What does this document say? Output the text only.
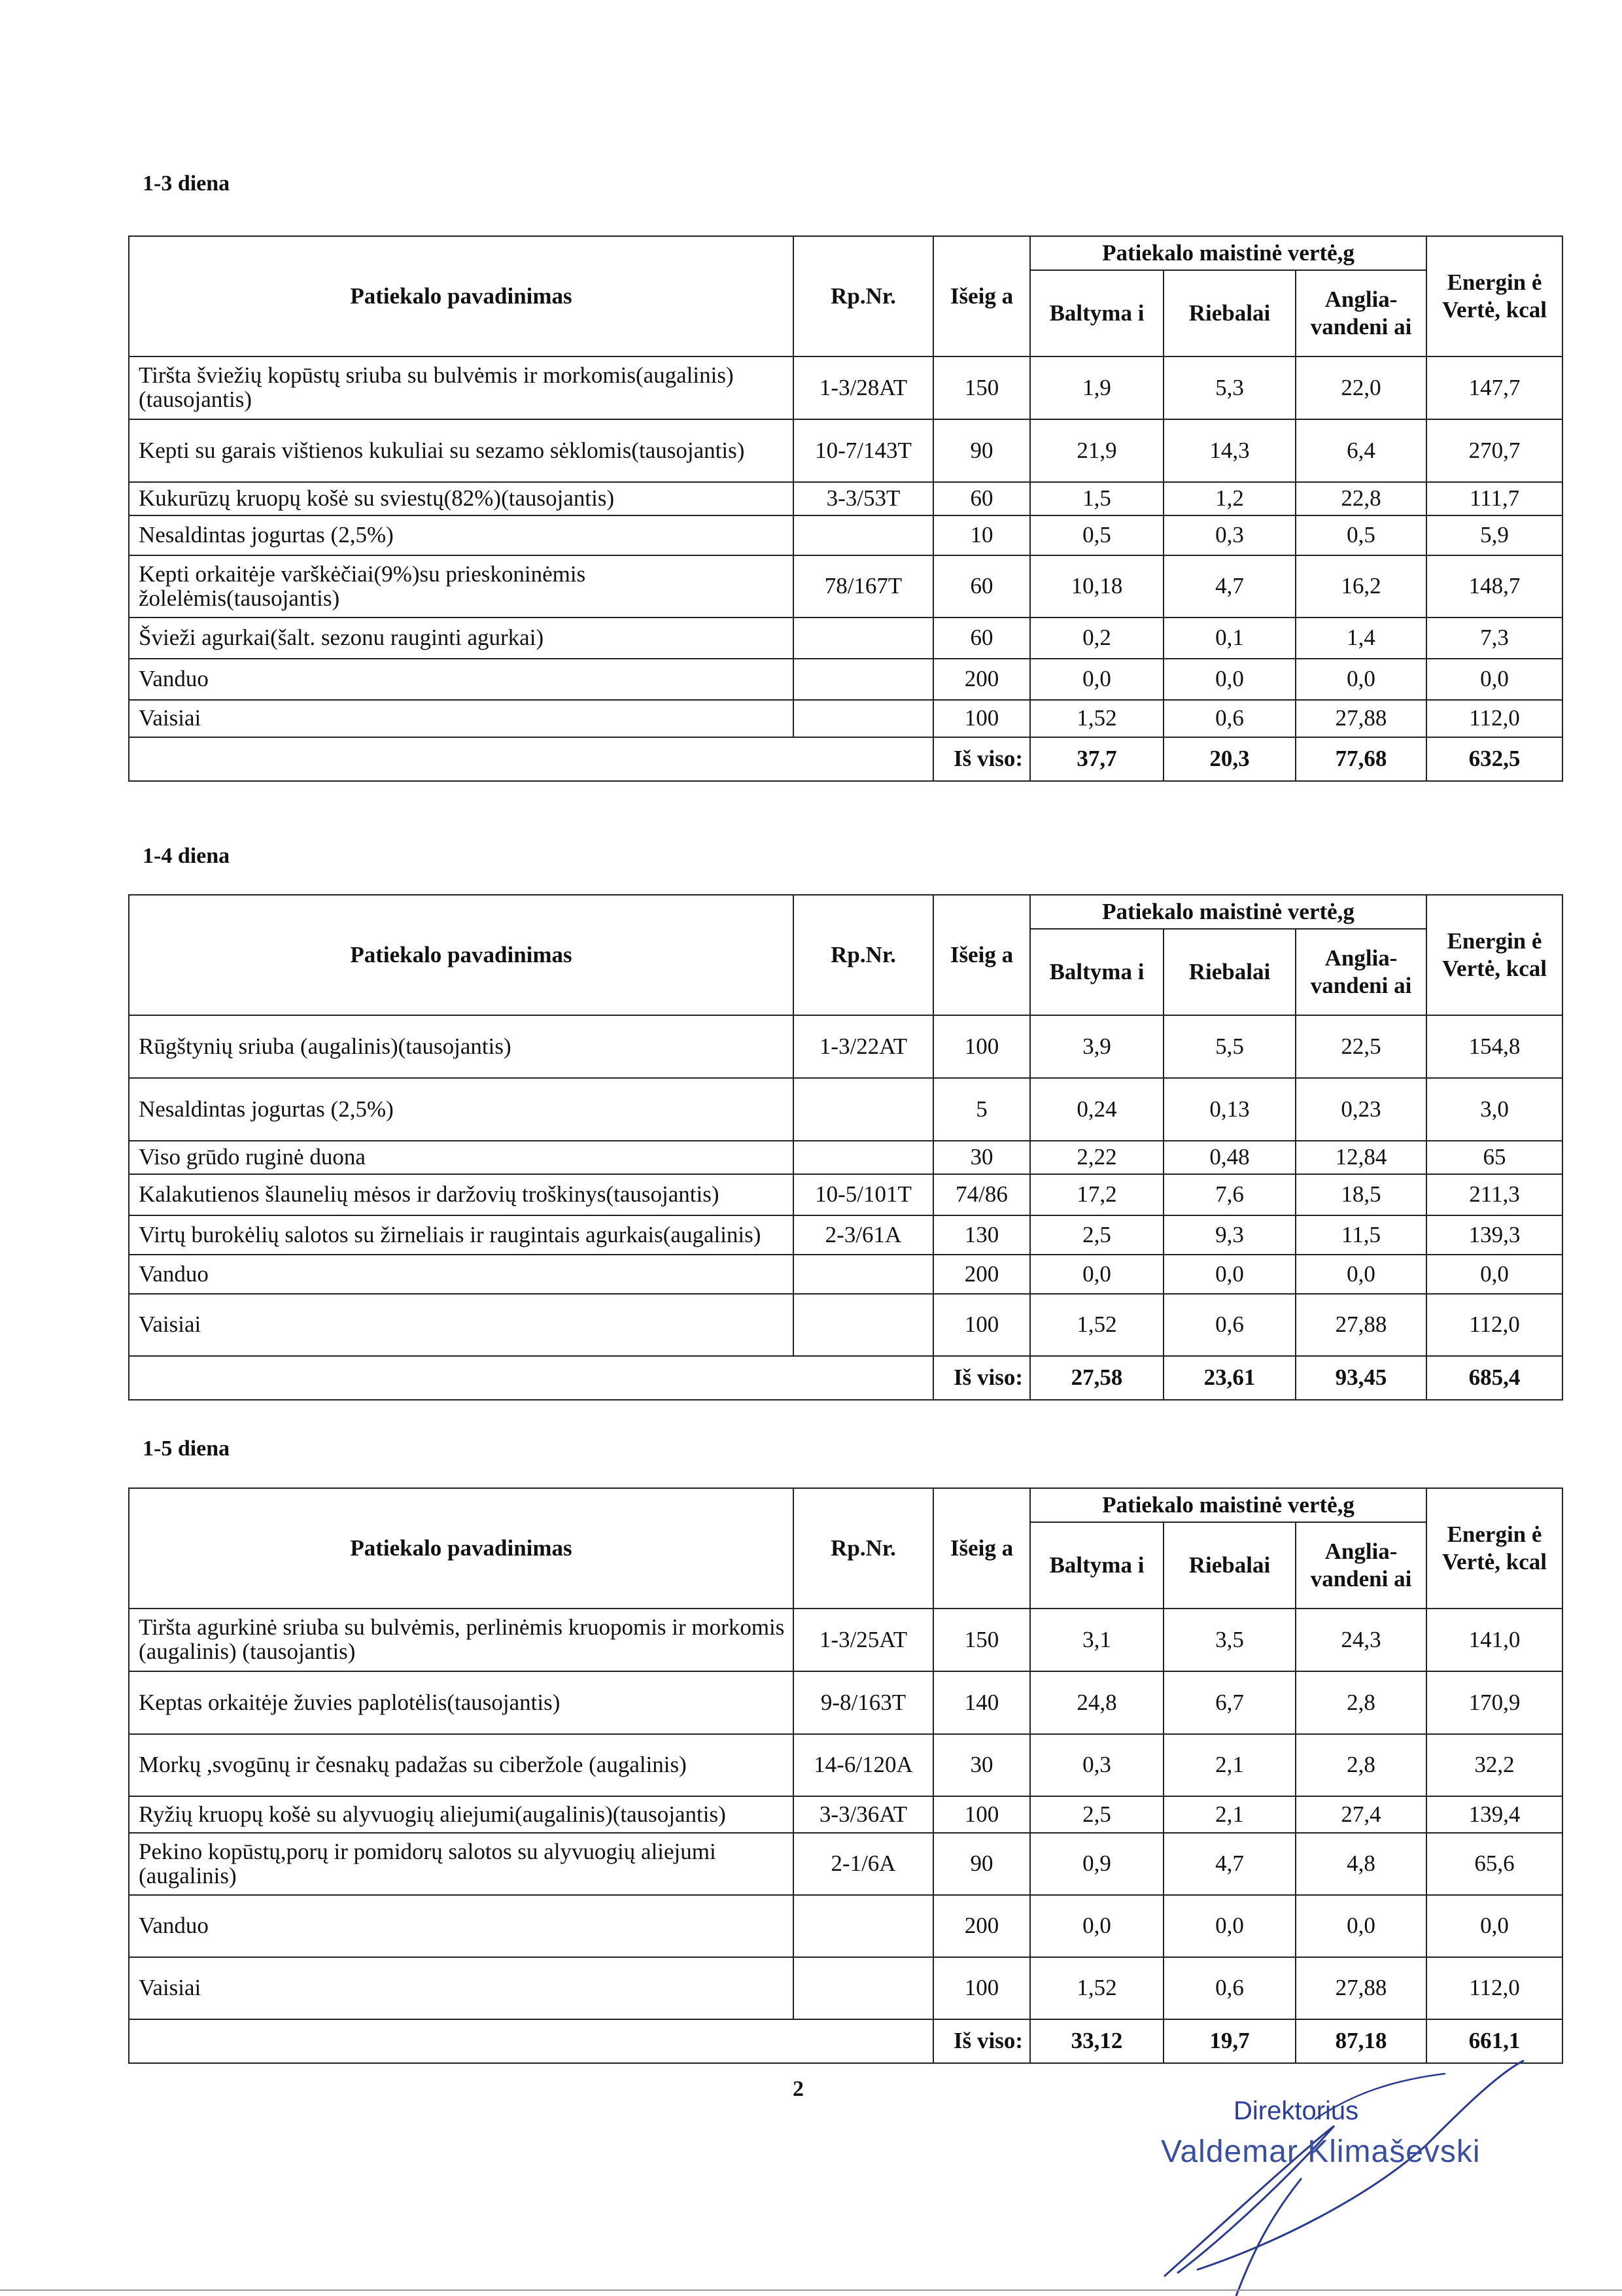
1-3 diena
Patiekalo pavadinimas	Rp.Nr.	Išeig a	Patiekalo maistinė vertė,g			Energin ė Vertė, kcal
			Baltyma i	Riebalai	Anglia- vandeni ai	
Tiršta šviežių kopūstų sriuba su bulvėmis ir morkomis(augalinis)(tausojantis)	1-3/28AT	150	1,9	5,3	22,0	147,7
Kepti su garais vištienos kukuliai su sezamo sėklomis(tausojantis)	10-7/143T	90	21,9	14,3	6,4	270,7
Kukurūzų kruopų košė su sviestų(82%)(tausojantis)	3-3/53T	60	1,5	1,2	22,8	111,7
Nesaldintas jogurtas (2,5%)		10	0,5	0,3	0,5	5,9
Kepti orkaitėje varškėčiai(9%)su prieskoninėmis žolelėmis(tausojantis)	78/167T	60	10,18	4,7	16,2	148,7
Švieži agurkai(šalt. sezonu rauginti agurkai)		60	0,2	0,1	1,4	7,3
Vanduo		200	0,0	0,0	0,0	0,0
Vaisiai		100	1,52	0,6	27,88	112,0
		Iš viso:	37,7	20,3	77,68	632,5
1-4 diena
Patiekalo pavadinimas	Rp.Nr.	Išeig a	Patiekalo maistinė vertė,g			Energin ė Vertė, kcal
			Baltyma i	Riebalai	Anglia- vandeni ai	
Rūgštynių sriuba (augalinis)(tausojantis)	1-3/22AT	100	3,9	5,5	22,5	154,8
Nesaldintas jogurtas (2,5%)		5	0,24	0,13	0,23	3,0
Viso grūdo ruginė duona		30	2,22	0,48	12,84	65
Kalakutienos šlaunelių mėsos ir daržovių troškinys(tausojantis)	10-5/101T	74/86	17,2	7,6	18,5	211,3
Virtų burokėlių salotos su žirneliais ir raugintais agurkais(augalinis)	2-3/61A	130	2,5	9,3	11,5	139,3
Vanduo		200	0,0	0,0	0,0	0,0
Vaisiai		100	1,52	0,6	27,88	112,0
		Iš viso:	27,58	23,61	93,45	685,4
1-5 diena
Patiekalo pavadinimas	Rp.Nr.	Išeig a	Patiekalo maistinė vertė,g			Energin ė Vertė, kcal
			Baltyma i	Riebalai	Anglia- vandeni ai	
Tiršta agurkinė sriuba su bulvėmis, perlinėmis kruopomis ir morkomis (augalinis) (tausojantis)	1-3/25AT	150	3,1	3,5	24,3	141,0
Keptas orkaitėje žuvies paplotėlis(tausojantis)	9-8/163T	140	24,8	6,7	2,8	170,9
Morkų ,svogūnų ir česnakų padažas su ciberžole (augalinis)	14-6/120A	30	0,3	2,1	2,8	32,2
Ryžių kruopų košė su alyvuogių aliejumi(augalinis)(tausojantis)	3-3/36AT	100	2,5	2,1	27,4	139,4
Pekino kopūstų,porų ir pomidorų salotos su alyvuogių aliejumi (augalinis)	2-1/6A	90	0,9	4,7	4,8	65,6
Vanduo		200	0,0	0,0	0,0	0,0
Vaisiai		100	1,52	0,6	27,88	112,0
		Iš viso:	33,12	19,7	87,18	661,1
2
Direktorius
Valdemar Klimaševski
